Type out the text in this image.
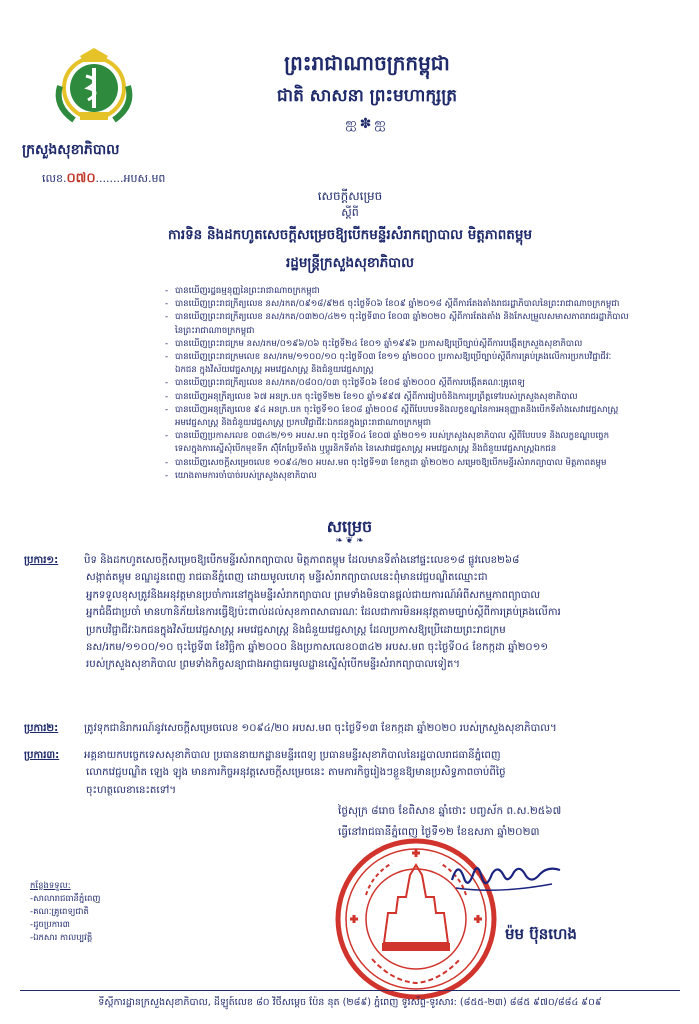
ក្រសួងសុខាភិបាល
លេខ.០៧០........អបស.មព
ព្រះរាជាណាចក្រកម្ពុជា
ជាតិ សាសនា ព្រះមហាក្សត្រ
ஐ✽ஐ
សេចក្តីសម្រេច
ស្តីពី
ការទិន និងដកហូតសេចក្តីសម្រេចឱ្យបើកមន្ទីរសំរាកព្យាបាល មិត្តភាពតម្ពុម
រដ្ឋមន្ត្រីក្រសួងសុខាភិបាល
- បានឃើញរដ្ឋធម្មនុញ្ញនៃព្រះរាជាណាចក្រកម្ពុជា
- បានឃើញព្រះរាជក្រឹត្យលេខ នស/រកត/០៩១៨/៩២៥ ចុះថ្ងៃទី០៦ ខែ០៩ ឆ្នាំ២០១៨ ស្តីពីការតែងតាំងរាជរដ្ឋាភិបាលនៃព្រះរាជាណាចក្រកម្ពុជា
- បានឃើញព្រះរាជក្រឹត្យលេខ នស/រកត/០៣២០/៤២១ ចុះថ្ងៃទី៣០ ខែ០៣ ឆ្នាំ២០២០ ស្តីពីការតែងតាំង និងកែសម្រួលសមាសភាពរាជរដ្ឋាភិបាល
នៃព្រះរាជាណាចក្រកម្ពុជា
- បានឃើញព្រះរាជក្រម នស/រកម/០១៩៦/០៦ ចុះថ្ងៃទី២៤ ខែ០១ ឆ្នាំ១៩៩៦ ប្រកាសឱ្យប្រើច្បាប់ស្តីពីការបង្កើតក្រសួងសុខាភិបាល
- បានឃើញព្រះរាជក្រមលេខ នស/រកម/១១០០/១០ ចុះថ្ងៃទី០៣ ខែ១១ ឆ្នាំ២០០០ ប្រកាសឱ្យប្រើច្បាប់ស្តីពីការគ្រប់គ្រងលើការប្រកបវិជ្ជាជីវៈ
ឯកជន ក្នុងវិស័យវេជ្ជសាស្ត្រ អមវេជ្ជសាស្ត្រ និងជំនួយវេជ្ជសាស្ត្រ
- បានឃើញព្រះរាជក្រឹត្យលេខ នស/រកត/០៨០០/០៣ ចុះថ្ងៃទី០៦ ខែ០៨ ឆ្នាំ២០០០ ស្តីពីការបង្កើតគណៈគ្រូពេទ្យ
- បានឃើញអនុក្រឹត្យលេខ ៦៧ អនក្រ.បក ចុះថ្ងៃទី២២ ខែ១០ ឆ្នាំ១៩៩៧ ស្តីពីការរៀបចំនិងការប្រព្រឹត្តទៅរបស់ក្រសួងសុខាភិបាល
- បានឃើញអនុក្រឹត្យលេខ ៩៤ អនក្រ.បក ចុះថ្ងៃទី១០ ខែ០៨ ឆ្នាំ២០០៨ ស្តីពីបែបបទនិងលក្ខខណ្ឌនៃការអនុញ្ញាតនិងបើកទីតាំងសេវាវេជ្ជសាស្ត្រ
អមវេជ្ជសាស្ត្រ និងជំនួយវេជ្ជសាស្ត្រ ប្រកបវិជ្ជាជីវៈឯកជនក្នុងព្រះរាជាណាចក្រកម្ពុជា
- បានឃើញប្រកាសលេខ ០៣៤២/១១ អបស.មព ចុះថ្ងៃទី០៤ ខែ០៧ ឆ្នាំ២០១១ របស់ក្រសួងសុខាភិបាល ស្តីពីបែបបទ និងលក្ខខណ្ឌបច្ចេក
ទេសក្នុងការស្នើសុំបើកមុខទីក ស៊ុំកែប្រែទីតាំង ឬប្តូរនិកទីតាំង នៃសេវាវេជ្ជសាស្ត្រ អមវេជ្ជសាស្ត្រ និងជំនួយវេជ្ជសាស្ត្រឯកជន
- បានឃើញសេចក្តីសម្រេចលេខ ១០៩៤/២០ អបស.មព ចុះថ្ងៃទី១៣ ខែកក្កដា ឆ្នាំ២០២០ សម្រេចឱ្យបើកមន្ទីរសំរាកព្យាបាល មិត្តភាពតម្ពុម
- យោងតាមការចាំបាច់របស់ក្រសួងសុខាភិបាល
សម្រេច
❧ ❦ ❧
ប្រការ១:	បិទ និងដកហូតសេចក្តីសម្រេចឱ្យបើកមន្ទីរសំរាកព្យាបាល មិត្តភាពតម្ពុម ដែលមានទីតាំងនៅផ្ទះលេខ១៨ ផ្លូវលេខ២៦៨
សង្កាត់តម្ពុម ខណ្ឌដូនពេញ រាជធានីភ្នំពេញ ដោយមូលហេតុ មន្ទីរសំរាកព្យាបាលនេះពុំមានវេជ្ជបណ្ឌិតឈ្មោះជា
អ្នកទទួលខុសត្រូវនិងអនុវត្តមានប្រចាំការនៅក្នុងមន្ទីរសំរាកព្យាបាល ព្រមទាំងមិនបានផ្តល់ជាយការណ៍អំពីសកម្មភាពព្យាបាល
អ្នកជំងឺជាប្រចាំ មានហានិភ័យនៃការធ្វើឱ្យប៉ះពាល់ដល់សុខភាពសាធារណៈ ដែលជាការមិនអនុវត្តតាមច្បាប់ស្តីពីការគ្រប់គ្រងលើការ
ប្រកបវិជ្ជាជីវៈឯកជនក្នុងវិស័យវេជ្ជសាស្ត្រ អមវេជ្ជសាស្ត្រ និងជំនួយវេជ្ជសាស្ត្រ ដែលប្រកាសឱ្យប្រើដោយព្រះរាជក្រម
នស/រកម/១១០០/១០ ចុះថ្ងៃទី៣ ខែវិច្ឆិកា ឆ្នាំ២០០០ និងប្រកាសលេខ០៣៤២ អបស.មព ចុះថ្ងៃទី០៤ ខែកក្កដា ឆ្នាំ២០១១
របស់ក្រសួងសុខាភិបាល ព្រមទាំងកិច្ចសន្យាជាងអាជ្ញាធរមូលដ្ឋានស្នើសុំបើកមន្ទីរសំរាកព្យាបាលទៀត។
ប្រការ២:	ត្រូវទុកជានិរាករណ៍នូវសេចក្តីសម្រេចលេខ ១០៩៤/២០ អបស.មព ចុះថ្ងៃទី១៣ ខែកក្កដា ឆ្នាំ២០២០ របស់ក្រសួងសុខាភិបាល។
ប្រការ៣:	អគ្គនាយកបច្ចេកទេសសុខាភិបាល ប្រធាននាយកដ្ឋានមន្ទីរពេទ្យ ប្រធានមន្ទីរសុខាភិបាលនៃរដ្ឋបាលរាជធានីភ្នំពេញ
លោកវេជ្ជបណ្ឌិត ឡេង ឡុង មានភារកិច្ចអនុវត្តសេចក្តីសម្រេចនេះ តាមភារកិច្ចរៀងៗខ្លួនឱ្យមានប្រសិទ្ធភាពចាប់ពីថ្ងៃ
ចុះហត្ថលេខានេះតទៅ។
ថ្ងៃសុក្រ ៨រោច ខែពិសាខ ឆ្នាំថោះ បញ្ចស័ក ព.ស.២៥៦៧
ធ្វើនៅរាជធានីភ្នំពេញ ថ្ងៃទី១២ ខែឧសភា ឆ្នាំ២០២៣
កន្លែងទទួល:
-សាលារាជធានីភ្នំពេញ
-គណៈគ្រូពេទ្យជាតិ
-ដូចប្រការ៣
-ឯកសារ កាលប្បវត្តិ	ម៉ម ប៊ុនហេង
ទីស្តីការដ្ឋានក្រសួងសុខាភិបាល, ដីឡូត៍លេខ ៨០ វិថីសម្តេច ប៉ែន នុត (២៨៩) ភ្នំពេញ ទូរស័ព្ទ-ទូរសារ: (៨៥៥-២៣) ៨៨៥ ៩៧០/៨៨៤ ៩០៩
